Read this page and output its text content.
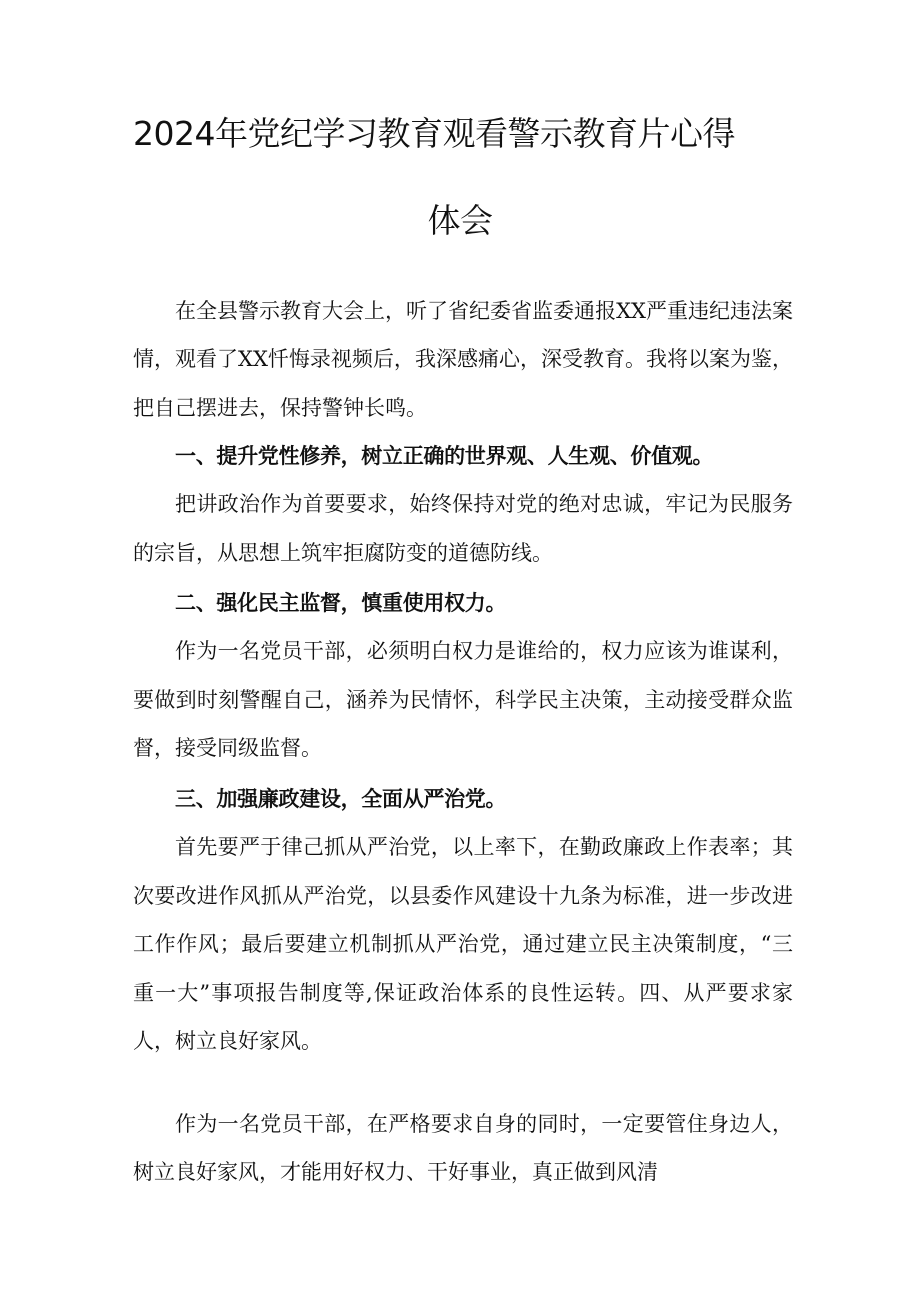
2024年党纪学习教育观看警示教育片心得
体会

在全县警示教育大会上，听了省纪委省监委通报XX严重违纪违法案情，观看了XX忏悔录视频后，我深感痛心，深受教育。我将以案为鉴，把自己摆进去，保持警钟长鸣。

一、提升党性修养，树立正确的世界观、人生观、价值观。

把讲政治作为首要要求，始终保持对党的绝对忠诚，牢记为民服务的宗旨，从思想上筑牢拒腐防变的道德防线。

二、强化民主监督，慎重使用权力。

作为一名党员干部，必须明白权力是谁给的，权力应该为谁谋利，要做到时刻警醒自己，涵养为民情怀，科学民主决策，主动接受群众监督，接受同级监督。

三、加强廉政建设，全面从严治党。

首先要严于律己抓从严治党，以上率下，在勤政廉政上作表率；其次要改进作风抓从严治党，以县委作风建设十九条为标准，进一步改进工作作风；最后要建立机制抓从严治党，通过建立民主决策制度，“三重一大”事项报告制度等,保证政治体系的良性运转。四、从严要求家人，树立良好家风。

作为一名党员干部，在严格要求自身的同时，一定要管住身边人，树立良好家风，才能用好权力、干好事业，真正做到风清
